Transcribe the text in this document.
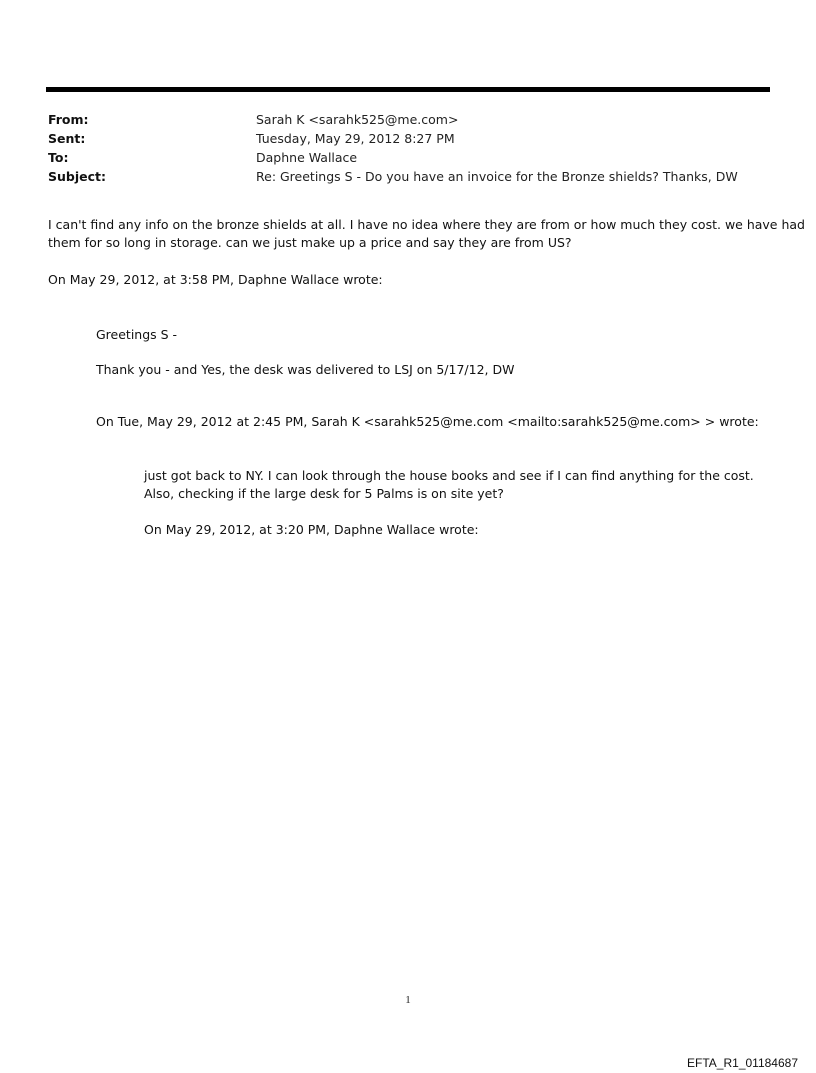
From:	Sarah K <sarahk525@me.com>
Sent:	Tuesday, May 29, 2012 8:27 PM
To:	Daphne Wallace
Subject:	Re: Greetings S - Do you have an invoice for the Bronze shields? Thanks, DW
I can't find any info on the bronze shields at all. I have no idea where they are from or how much they cost. we have had
them for so long in storage. can we just make up a price and say they are from US?
On May 29, 2012, at 3:58 PM, Daphne Wallace wrote:
Greetings S -
Thank you - and Yes, the desk was delivered to LSJ on 5/17/12, DW
On Tue, May 29, 2012 at 2:45 PM, Sarah K <sarahk525@me.com <mailto:sarahk525@me.com> > wrote:
just got back to NY. I can look through the house books and see if I can find anything for the cost.
Also, checking if the large desk for 5 Palms is on site yet?
On May 29, 2012, at 3:20 PM, Daphne Wallace wrote:
1
EFTA_R1_01184687
